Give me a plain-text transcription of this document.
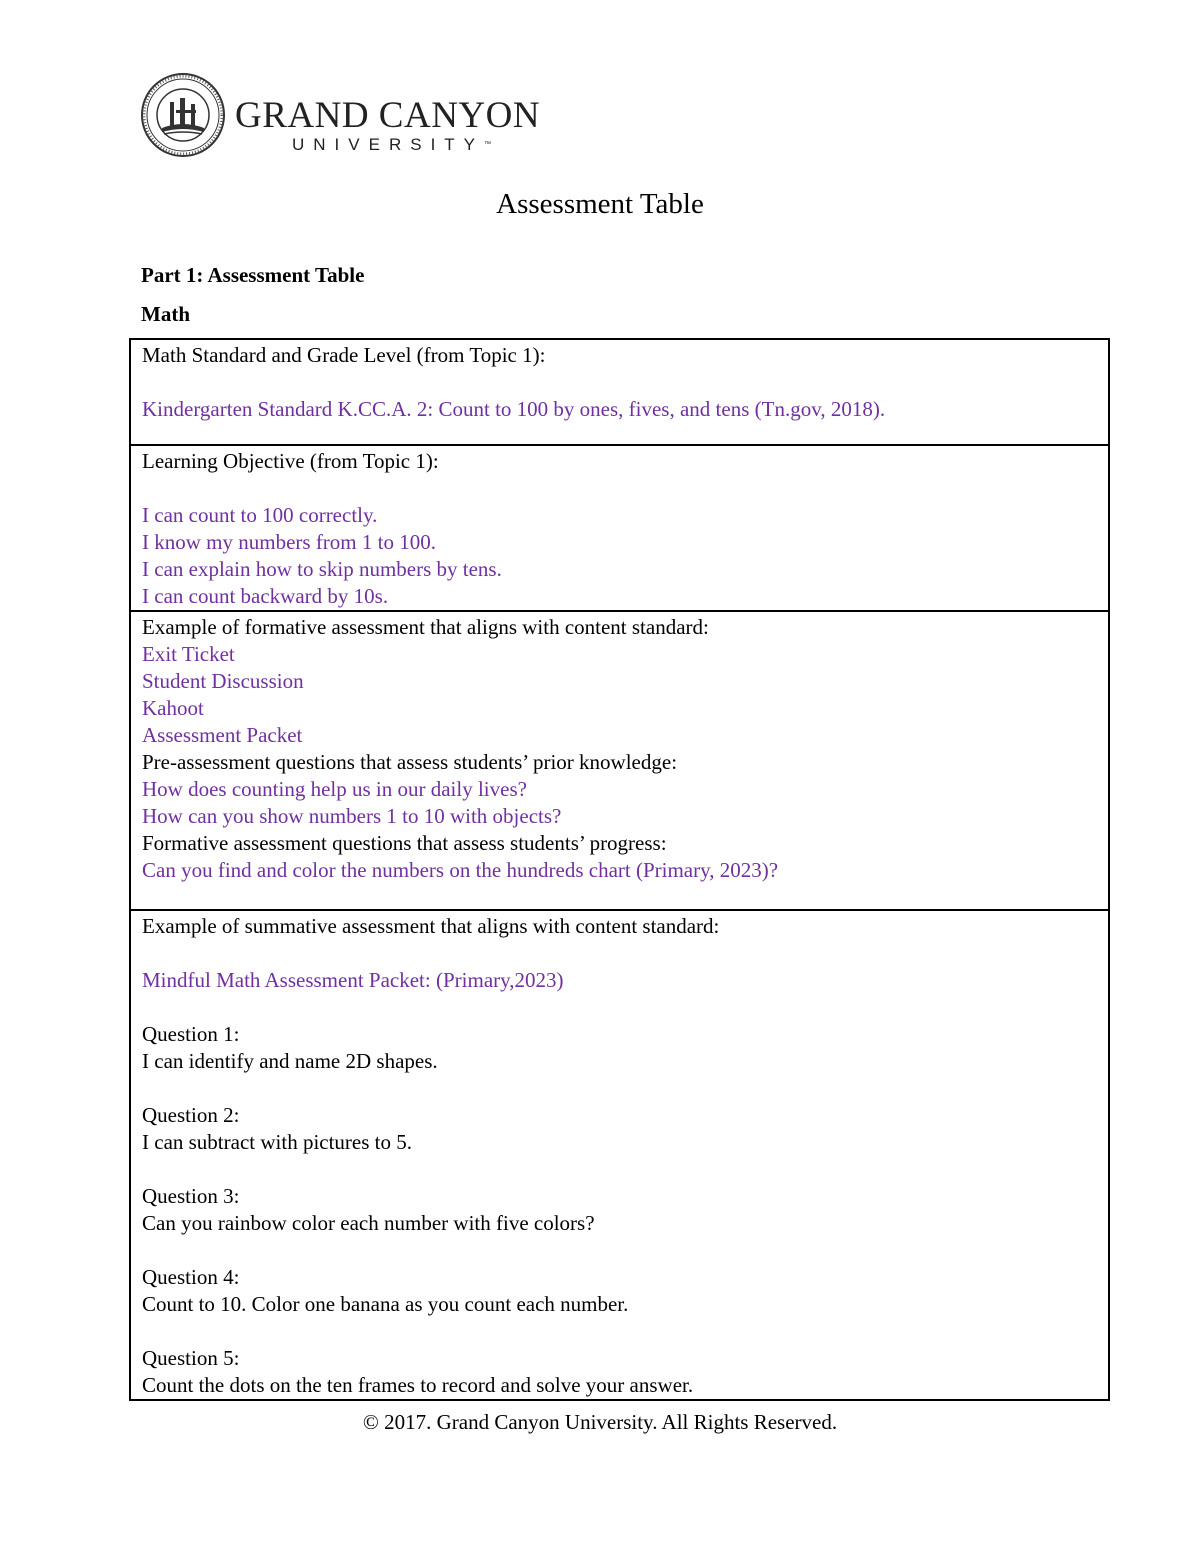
GRAND CANYON
UNIVERSITY™
Assessment Table
Part 1: Assessment Table
Math
Math Standard and Grade Level (from Topic 1):
Kindergarten Standard K.CC.A. 2: Count to 100 by ones, fives, and tens (Tn.gov, 2018).

Learning Objective (from Topic 1):
I can count to 100 correctly.
I know my numbers from 1 to 100.
I can explain how to skip numbers by tens.
I can count backward by 10s.

Example of formative assessment that aligns with content standard:
Exit Ticket
Student Discussion
Kahoot
Assessment Packet
Pre-assessment questions that assess students’ prior knowledge:
How does counting help us in our daily lives?
How can you show numbers 1 to 10 with objects?
Formative assessment questions that assess students’ progress:
Can you find and color the numbers on the hundreds chart (Primary, 2023)?

Example of summative assessment that aligns with content standard:
Mindful Math Assessment Packet: (Primary,2023)
Question 1:
I can identify and name 2D shapes.
Question 2:
I can subtract with pictures to 5.
Question 3:
Can you rainbow color each number with five colors?
Question 4:
Count to 10. Color one banana as you count each number.
Question 5:
Count the dots on the ten frames to record and solve your answer.
© 2017. Grand Canyon University. All Rights Reserved.
